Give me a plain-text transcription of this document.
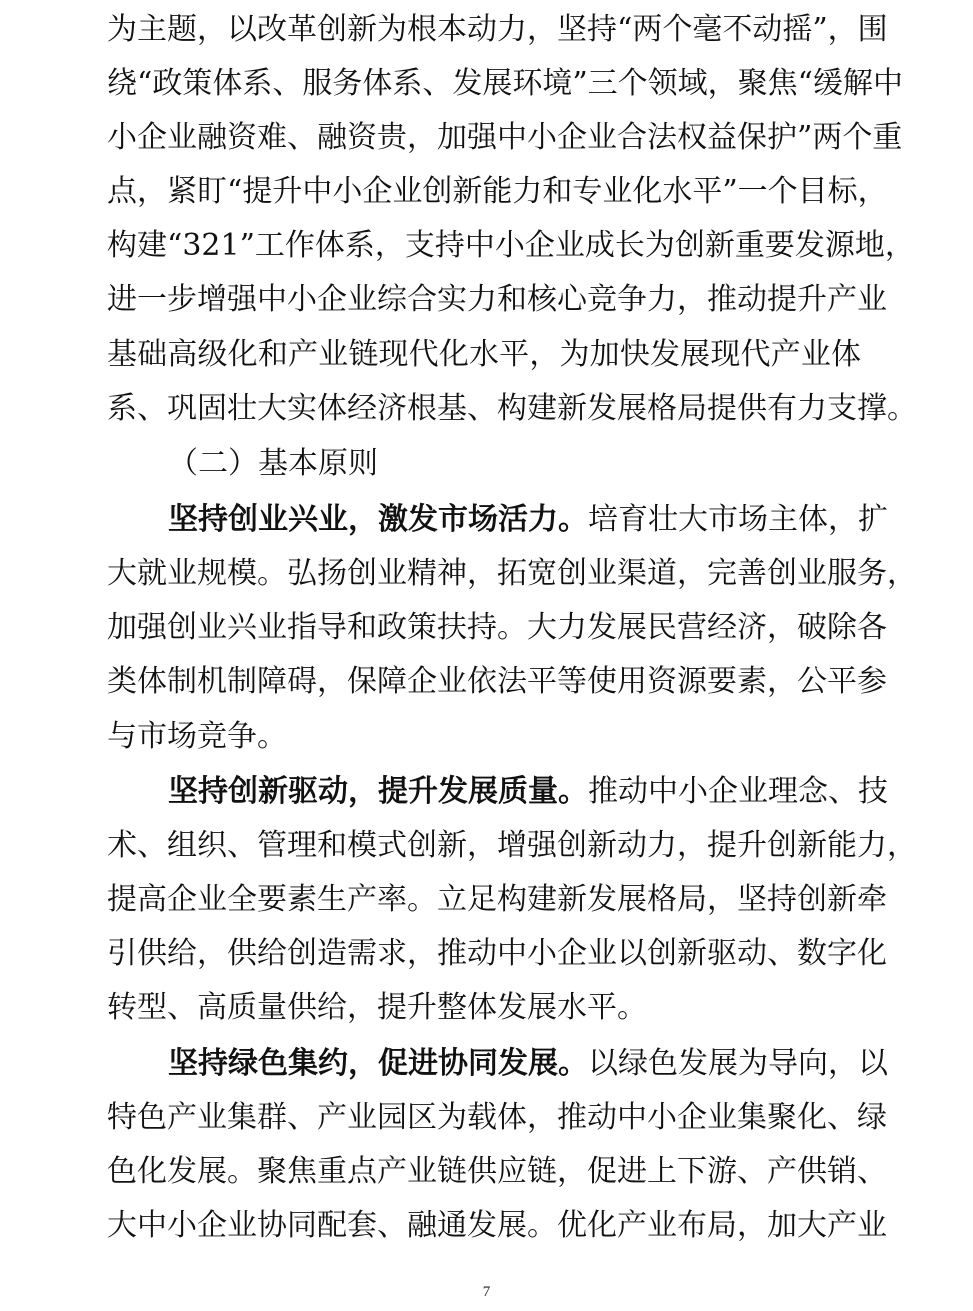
为主题，以改革创新为根本动力，坚持“两个毫不动摇”，围
绕“政策体系、服务体系、发展环境”三个领域，聚焦“缓解中
小企业融资难、融资贵，加强中小企业合法权益保护”两个重
点，紧盯“提升中小企业创新能力和专业化水平”一个目标，
构建“321”工作体系，支持中小企业成长为创新重要发源地，
进一步增强中小企业综合实力和核心竞争力，推动提升产业
基础高级化和产业链现代化水平，为加快发展现代产业体
系、巩固壮大实体经济根基、构建新发展格局提供有力支撑。
（二）基本原则
坚持创业兴业，激发市场活力。培育壮大市场主体，扩
大就业规模。弘扬创业精神，拓宽创业渠道，完善创业服务，
加强创业兴业指导和政策扶持。大力发展民营经济，破除各
类体制机制障碍，保障企业依法平等使用资源要素，公平参
与市场竞争。
坚持创新驱动，提升发展质量。推动中小企业理念、技
术、组织、管理和模式创新，增强创新动力，提升创新能力，
提高企业全要素生产率。立足构建新发展格局，坚持创新牵
引供给，供给创造需求，推动中小企业以创新驱动、数字化
转型、高质量供给，提升整体发展水平。
坚持绿色集约，促进协同发展。以绿色发展为导向，以
特色产业集群、产业园区为载体，推动中小企业集聚化、绿
色化发展。聚焦重点产业链供应链，促进上下游、产供销、
大中小企业协同配套、融通发展。优化产业布局，加大产业
7
